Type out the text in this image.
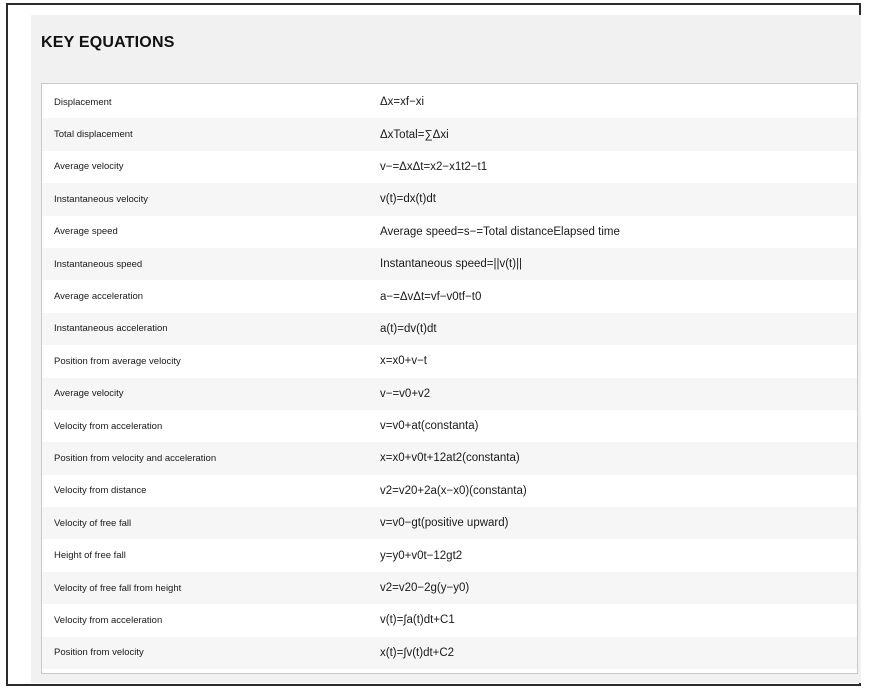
KEY EQUATIONS
Displacement	Δx=xf−xi
Total displacement	ΔxTotal=∑Δxi
Average velocity	v−=ΔxΔt=x2−x1t2−t1
Instantaneous velocity	v(t)=dx(t)dt
Average speed	Average speed=s−=Total distanceElapsed time
Instantaneous speed	Instantaneous speed=||v(t)||
Average acceleration	a−=ΔvΔt=vf−v0tf−t0
Instantaneous acceleration	a(t)=dv(t)dt
Position from average velocity	x=x0+v−t
Average velocity	v−=v0+v2
Velocity from acceleration	v=v0+at(constanta)
Position from velocity and acceleration	x=x0+v0t+12at2(constanta)
Velocity from distance	v2=v20+2a(x−x0)(constanta)
Velocity of free fall	v=v0−gt(positive upward)
Height of free fall	y=y0+v0t−12gt2
Velocity of free fall from height	v2=v20−2g(y−y0)
Velocity from acceleration	v(t)=∫a(t)dt+C1
Position from velocity	x(t)=∫v(t)dt+C2
